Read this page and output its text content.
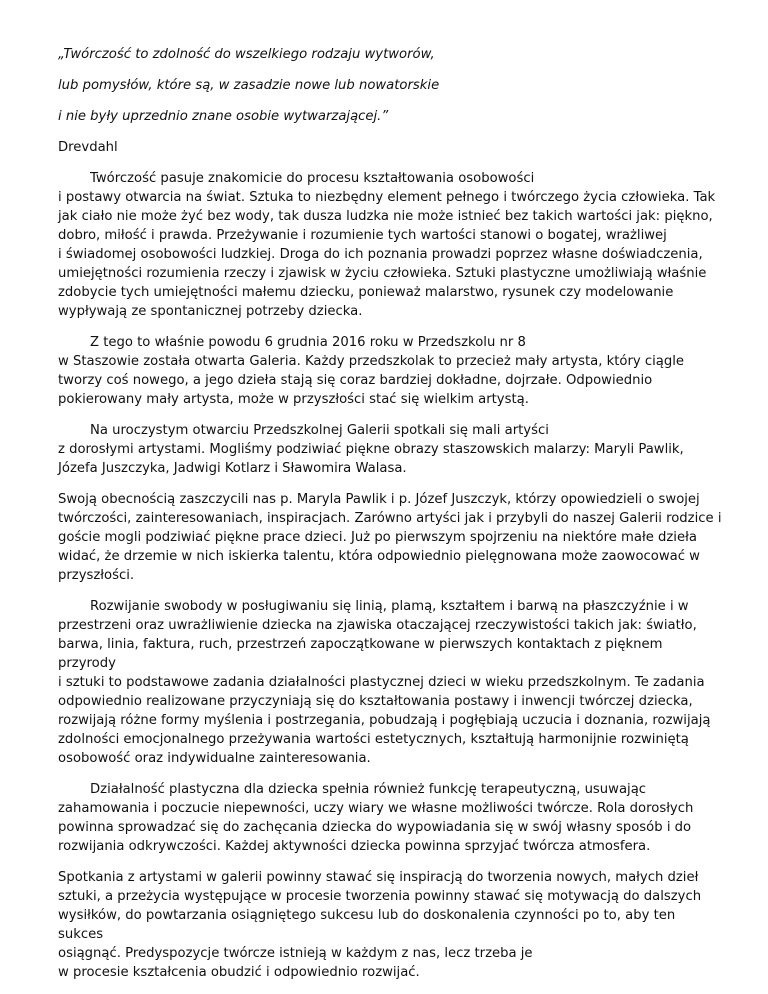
„Twórczość to zdolność do wszelkiego rodzaju wytworów,

lub pomysłów, które są, w zasadzie nowe lub nowatorskie

i nie były uprzednio znane osobie wytwarzającej.”

Drevdahl

Twórczość pasuje znakomicie do procesu kształtowania osobowości
i postawy otwarcia na świat. Sztuka to niezbędny element pełnego i twórczego życia człowieka. Tak
jak ciało nie może żyć bez wody, tak dusza ludzka nie może istnieć bez takich wartości jak: piękno,
dobro, miłość i prawda. Przeżywanie i rozumienie tych wartości stanowi o bogatej, wrażliwej
i świadomej osobowości ludzkiej. Droga do ich poznania prowadzi poprzez własne doświadczenia,
umiejętności rozumienia rzeczy i zjawisk w życiu człowieka. Sztuki plastyczne umożliwiają właśnie
zdobycie tych umiejętności małemu dziecku, ponieważ malarstwo, rysunek czy modelowanie
wypływają ze spontanicznej potrzeby dziecka.

Z tego to właśnie powodu 6 grudnia 2016 roku w Przedszkolu nr 8
w Staszowie została otwarta Galeria. Każdy przedszkolak to przecież mały artysta, który ciągle
tworzy coś nowego, a jego dzieła stają się coraz bardziej dokładne, dojrzałe. Odpowiednio
pokierowany mały artysta, może w przyszłości stać się wielkim artystą.

Na uroczystym otwarciu Przedszkolnej Galerii spotkali się mali artyści
z dorosłymi artystami. Mogliśmy podziwiać piękne obrazy staszowskich malarzy: Maryli Pawlik,
Józefa Juszczyka, Jadwigi Kotlarz i Sławomira Walasa.

Swoją obecnością zaszczycili nas p. Maryla Pawlik i p. Józef Juszczyk, którzy opowiedzieli o swojej
twórczości, zainteresowaniach, inspiracjach. Zarówno artyści jak i przybyli do naszej Galerii rodzice i
goście mogli podziwiać piękne prace dzieci. Już po pierwszym spojrzeniu na niektóre małe dzieła
widać, że drzemie w nich iskierka talentu, która odpowiednio pielęgnowana może zaowocować w
przyszłości.

Rozwijanie swobody w posługiwaniu się linią, plamą, kształtem i barwą na płaszczyźnie i w
przestrzeni oraz uwrażliwienie dziecka na zjawiska otaczającej rzeczywistości takich jak: światło,
barwa, linia, faktura, ruch, przestrzeń zapoczątkowane w pierwszych kontaktach z pięknem przyrody
i sztuki to podstawowe zadania działalności plastycznej dzieci w wieku przedszkolnym. Te zadania
odpowiednio realizowane przyczyniają się do kształtowania postawy i inwencji twórczej dziecka,
rozwijają różne formy myślenia i postrzegania, pobudzają i pogłębiają uczucia i doznania, rozwijają
zdolności emocjonalnego przeżywania wartości estetycznych, kształtują harmonijnie rozwiniętą
osobowość oraz indywidualne zainteresowania.

Działalność plastyczna dla dziecka spełnia również funkcję terapeutyczną, usuwając
zahamowania i poczucie niepewności, uczy wiary we własne możliwości twórcze. Rola dorosłych
powinna sprowadzać się do zachęcania dziecka do wypowiadania się w swój własny sposób i do
rozwijania odkrywczości. Każdej aktywności dziecka powinna sprzyjać twórcza atmosfera.

Spotkania z artystami w galerii powinny stawać się inspiracją do tworzenia nowych, małych dzieł
sztuki, a przeżycia występujące w procesie tworzenia powinny stawać się motywacją do dalszych
wysiłków, do powtarzania osiągniętego sukcesu lub do doskonalenia czynności po to, aby ten sukces
osiągnąć. Predyspozycje twórcze istnieją w każdym z nas, lecz trzeba je
w procesie kształcenia obudzić i odpowiednio rozwijać.
